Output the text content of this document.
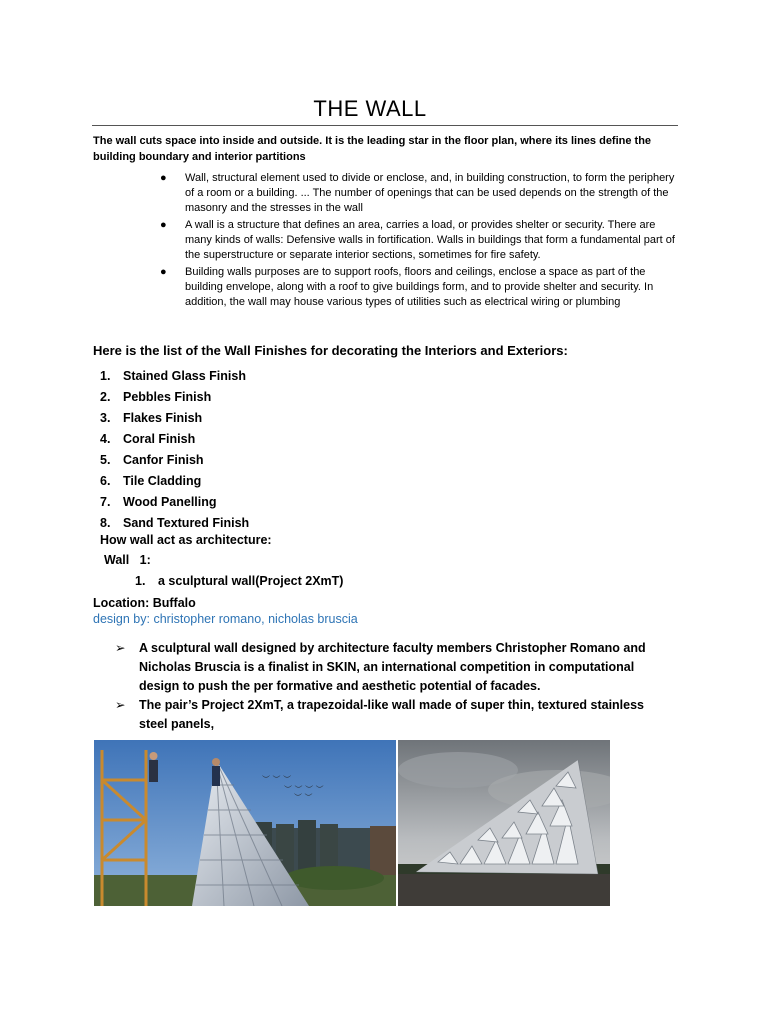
THE WALL
The wall cuts space into inside and outside. It is the leading star in the floor plan, where its lines define the building boundary and interior partitions
● Wall, structural element used to divide or enclose, and, in building construction, to form the periphery of a room or a building. ... The number of openings that can be used depends on the strength of the masonry and the stresses in the wall
● A wall is a structure that defines an area, carries a load, or provides shelter or security. There are many kinds of walls: Defensive walls in fortification. Walls in buildings that form a fundamental part of the superstructure or separate interior sections, sometimes for fire safety.
● Building walls purposes are to support roofs, floors and ceilings, enclose a space as part of the building envelope, along with a roof to give buildings form, and to provide shelter and security. In addition, the wall may house various types of utilities such as electrical wiring or plumbing
Here is the list of the Wall Finishes for decorating the Interiors and Exteriors:
1. Stained Glass Finish
2. Pebbles Finish
3. Flakes Finish
4. Coral Finish
5. Canfor Finish
6. Tile Cladding
7. Wood Panelling
8. Sand Textured Finish
How wall act as architecture:
Wall   1:
1. a sculptural wall(Project 2XmT)
Location: Buffalo
design by: christopher romano, nicholas bruscia
➢ A sculptural wall designed by architecture faculty members Christopher Romano and Nicholas Bruscia is a finalist in SKIN, an international competition in computational design to push the per formative and aesthetic potential of facades.
➢ The pair’s Project 2XmT, a trapezoidal-like wall made of super thin, textured stainless steel panels,
︶ ︶ ︶
︶ ︶ ︶ ︶
︶ ︶
